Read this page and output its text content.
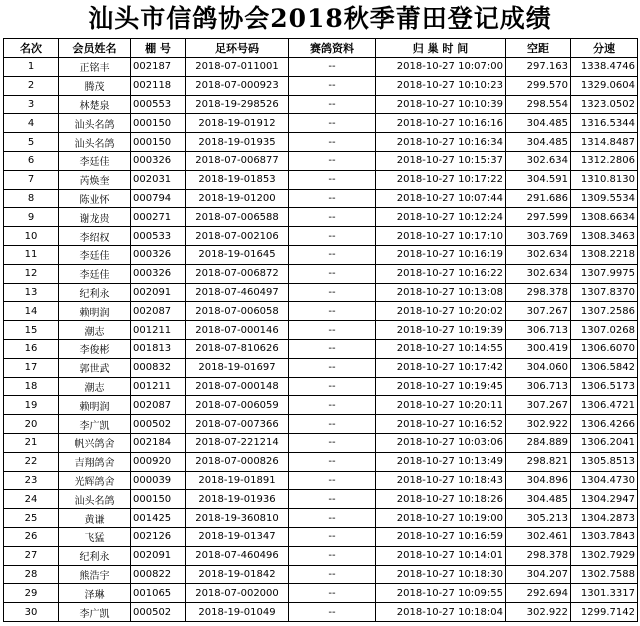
汕头市信鸽协会2018秋季莆田登记成绩
名次	会员姓名	棚 号	足环号码	赛鸽资料	归 巢 时 间	空距	分速
1	正铭丰	002187	2018-07-011001	--	2018-10-27 10:07:00	297.163	1338.4746
2	腾茂	002118	2018-07-000923	--	2018-10-27 10:10:23	299.570	1329.0604
3	林楚泉	000553	2018-19-298526	--	2018-10-27 10:10:39	298.554	1323.0502
4	汕头名鸽	000150	2018-19-01912	--	2018-10-27 10:16:16	304.485	1316.5344
5	汕头名鸽	000150	2018-19-01935	--	2018-10-27 10:16:34	304.485	1314.8487
6	李廷佳	000326	2018-07-006877	--	2018-10-27 10:15:37	302.634	1312.2806
7	芮焕奎	002031	2018-19-01853	--	2018-10-27 10:17:22	304.591	1310.8130
8	陈业怀	000794	2018-19-01200	--	2018-10-27 10:07:44	291.686	1309.5534
9	谢龙贵	000271	2018-07-006588	--	2018-10-27 10:12:24	297.599	1308.6634
10	李绍权	000533	2018-07-002106	--	2018-10-27 10:17:10	303.769	1308.3463
11	李廷佳	000326	2018-19-01645	--	2018-10-27 10:16:19	302.634	1308.2218
12	李廷佳	000326	2018-07-006872	--	2018-10-27 10:16:22	302.634	1307.9975
13	纪利永	002091	2018-07-460497	--	2018-10-27 10:13:08	298.378	1307.8370
14	赖明润	002087	2018-07-006058	--	2018-10-27 10:20:02	307.267	1307.2586
15	潮志	001211	2018-07-000146	--	2018-10-27 10:19:39	306.713	1307.0268
16	李俊彬	001813	2018-07-810626	--	2018-10-27 10:14:55	300.419	1306.6070
17	郭世武	000832	2018-19-01697	--	2018-10-27 10:17:42	304.060	1306.5842
18	潮志	001211	2018-07-000148	--	2018-10-27 10:19:45	306.713	1306.5173
19	赖明润	002087	2018-07-006059	--	2018-10-27 10:20:11	307.267	1306.4721
20	李广凯	000502	2018-07-007366	--	2018-10-27 10:16:52	302.922	1306.4266
21	帆兴鸽舍	002184	2018-07-221214	--	2018-10-27 10:03:06	284.889	1306.2041
22	吉翔鸽舍	000920	2018-07-000826	--	2018-10-27 10:13:49	298.821	1305.8513
23	光辉鸽舍	000039	2018-19-01891	--	2018-10-27 10:18:43	304.896	1304.4730
24	汕头名鸽	000150	2018-19-01936	--	2018-10-27 10:18:26	304.485	1304.2947
25	黄谦	001425	2018-19-360810	--	2018-10-27 10:19:00	305.213	1304.2873
26	飞猛	002126	2018-19-01347	--	2018-10-27 10:16:59	302.461	1303.7843
27	纪利永	002091	2018-07-460496	--	2018-10-27 10:14:01	298.378	1302.7929
28	熊浩宇	000822	2018-19-01842	--	2018-10-27 10:18:30	304.207	1302.7588
29	泽琳	001065	2018-07-002000	--	2018-10-27 10:09:55	292.694	1301.3317
30	李广凯	000502	2018-19-01049	--	2018-10-27 10:18:04	302.922	1299.7142
